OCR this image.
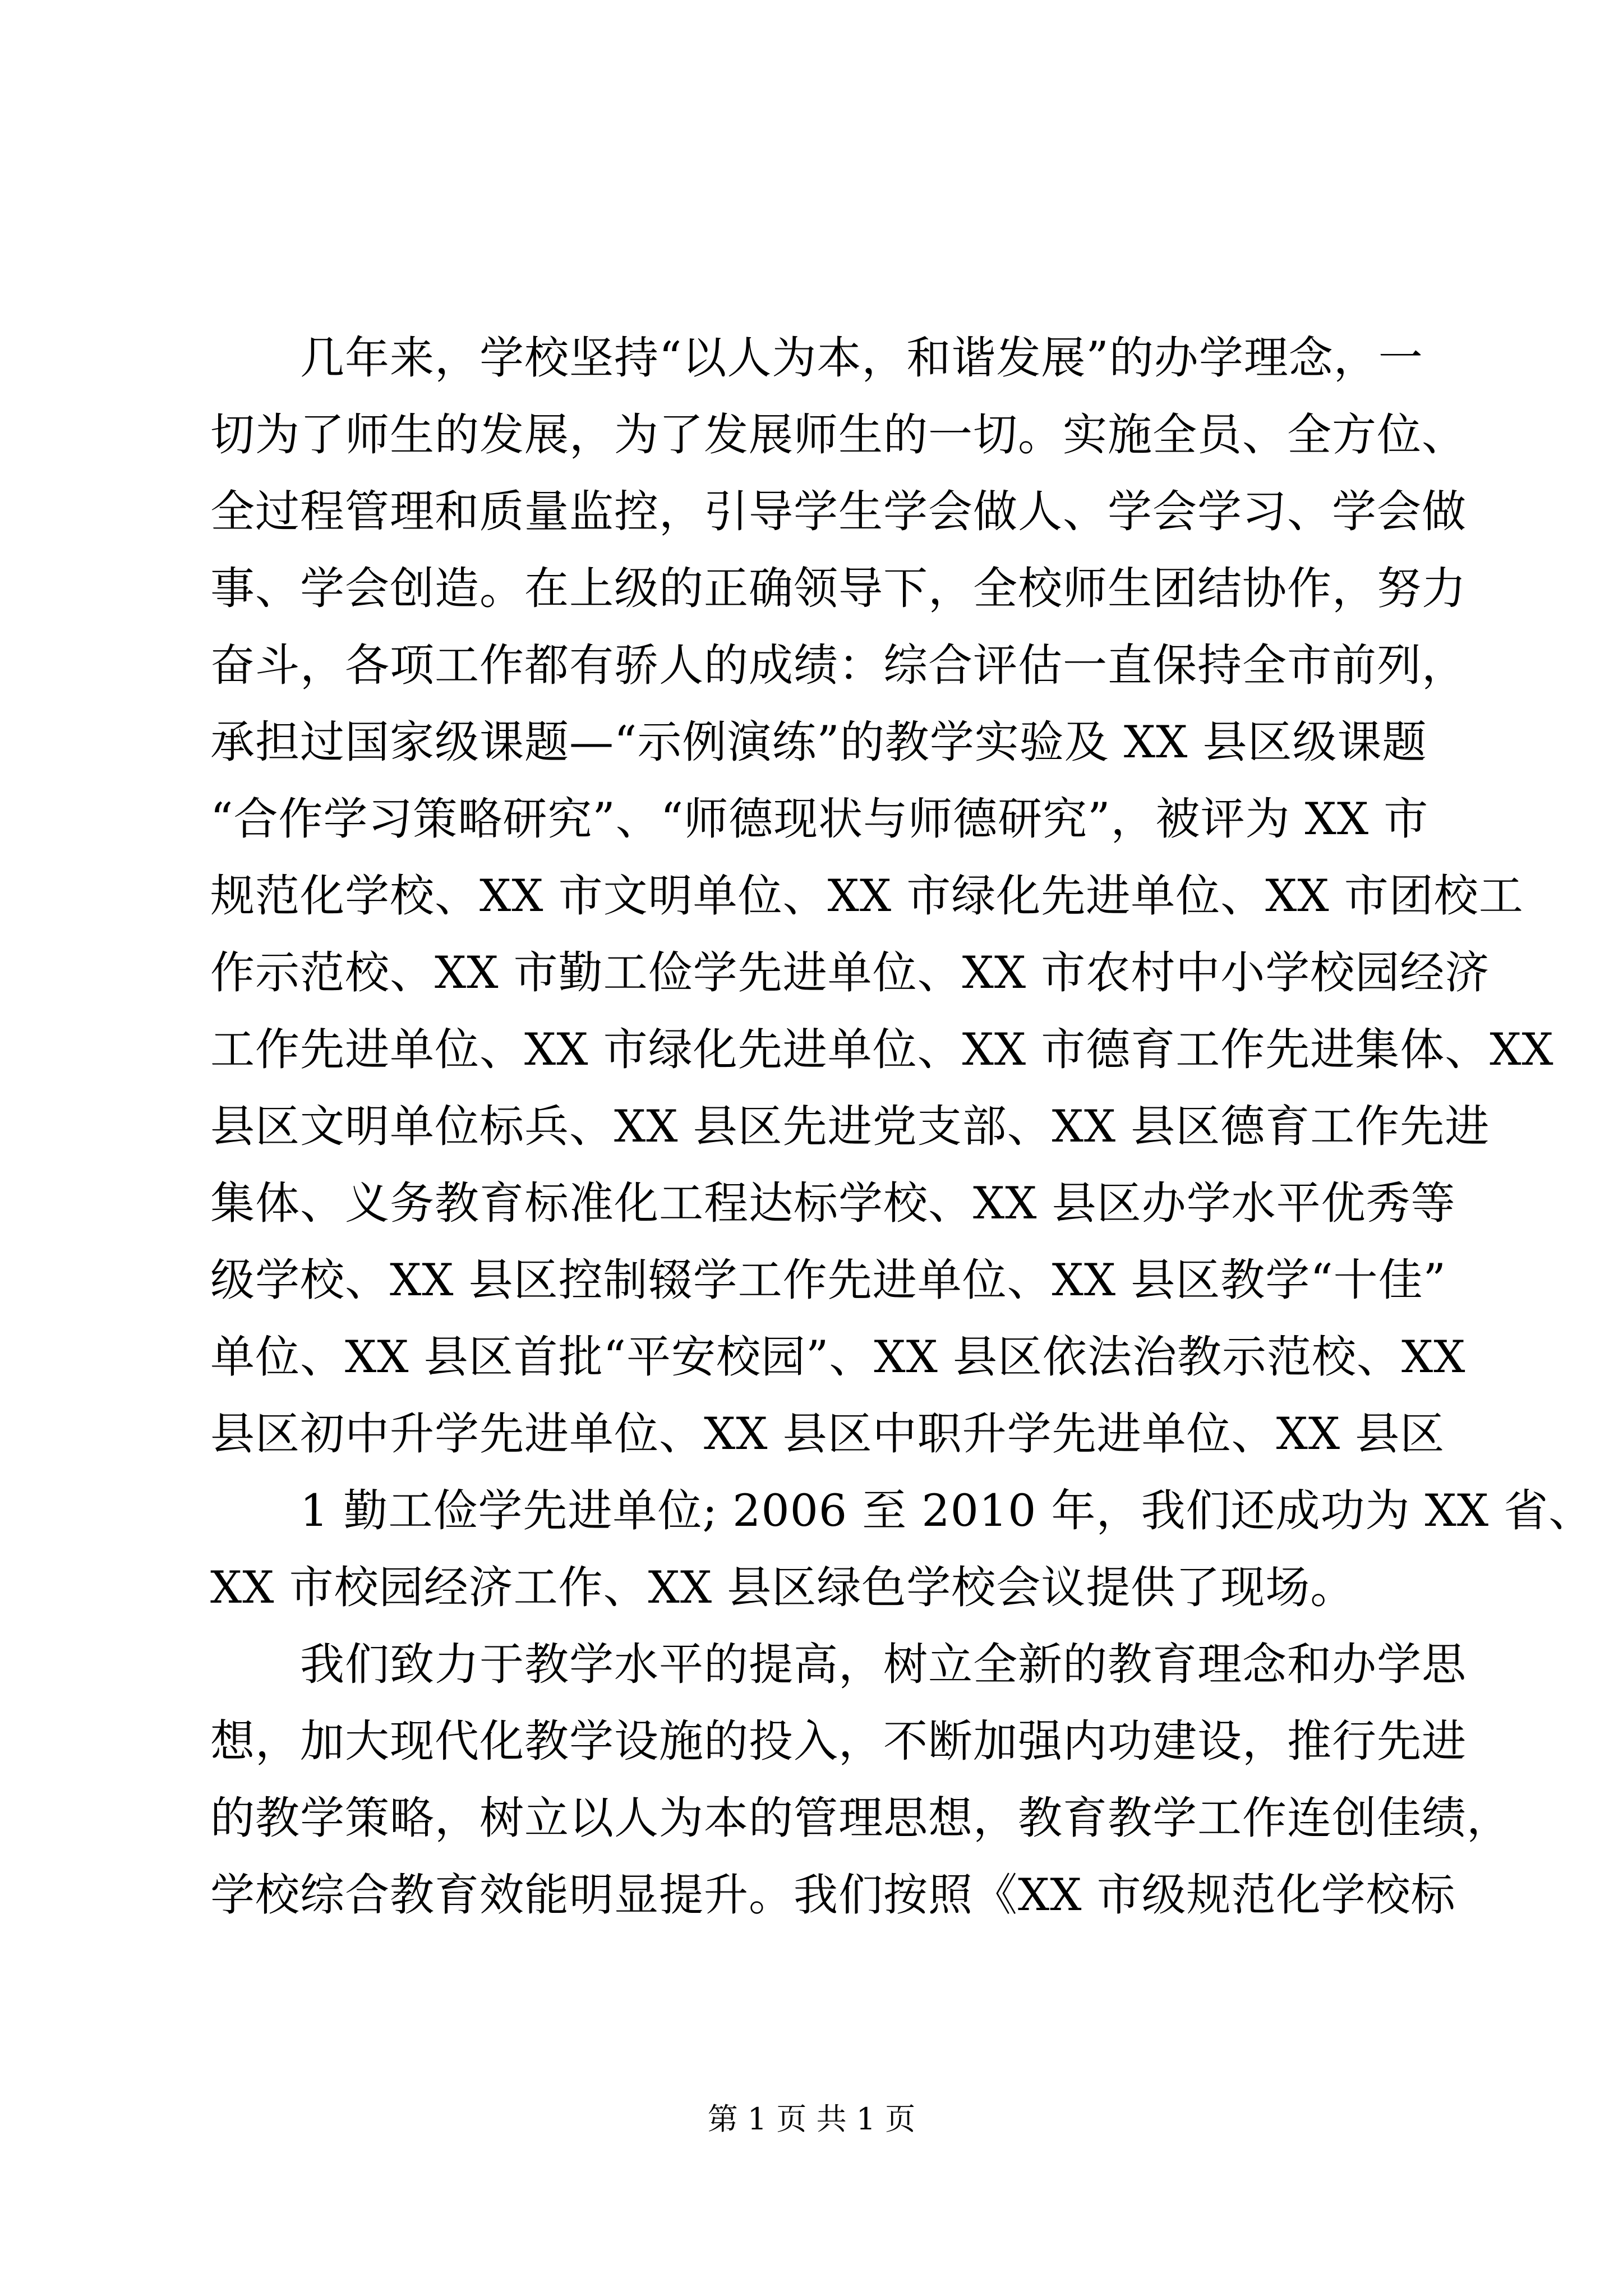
　　几年来，学校坚持“以人为本，和谐发展”的办学理念，一
切为了师生的发展，为了发展师生的一切。实施全员、全方位、
全过程管理和质量监控，引导学生学会做人、学会学习、学会做
事、学会创造。在上级的正确领导下，全校师生团结协作，努力
奋斗，各项工作都有骄人的成绩：综合评估一直保持全市前列，
承担过国家级课题—“示例演练”的教学实验及 XX 县区级课题
“合作学习策略研究”、“师德现状与师德研究”，被评为 XX 市
规范化学校、XX 市文明单位、XX 市绿化先进单位、XX 市团校工
作示范校、XX 市勤工俭学先进单位、XX 市农村中小学校园经济
工作先进单位、XX 市绿化先进单位、XX 市德育工作先进集体、XX
县区文明单位标兵、XX 县区先进党支部、XX 县区德育工作先进
集体、义务教育标准化工程达标学校、XX 县区办学水平优秀等
级学校、XX 县区控制辍学工作先进单位、XX 县区教学“十佳”
单位、XX 县区首批“平安校园”、XX 县区依法治教示范校、XX
县区初中升学先进单位、XX 县区中职升学先进单位、XX 县区
　　1 勤工俭学先进单位; 2006 至 2010 年，我们还成功为 XX 省、
XX 市校园经济工作、XX 县区绿色学校会议提供了现场。
　　我们致力于教学水平的提高，树立全新的教育理念和办学思
想，加大现代化教学设施的投入，不断加强内功建设，推行先进
的教学策略，树立以人为本的管理思想，教育教学工作连创佳绩，
学校综合教育效能明显提升。我们按照《XX 市级规范化学校标
第 1 页 共 1 页
